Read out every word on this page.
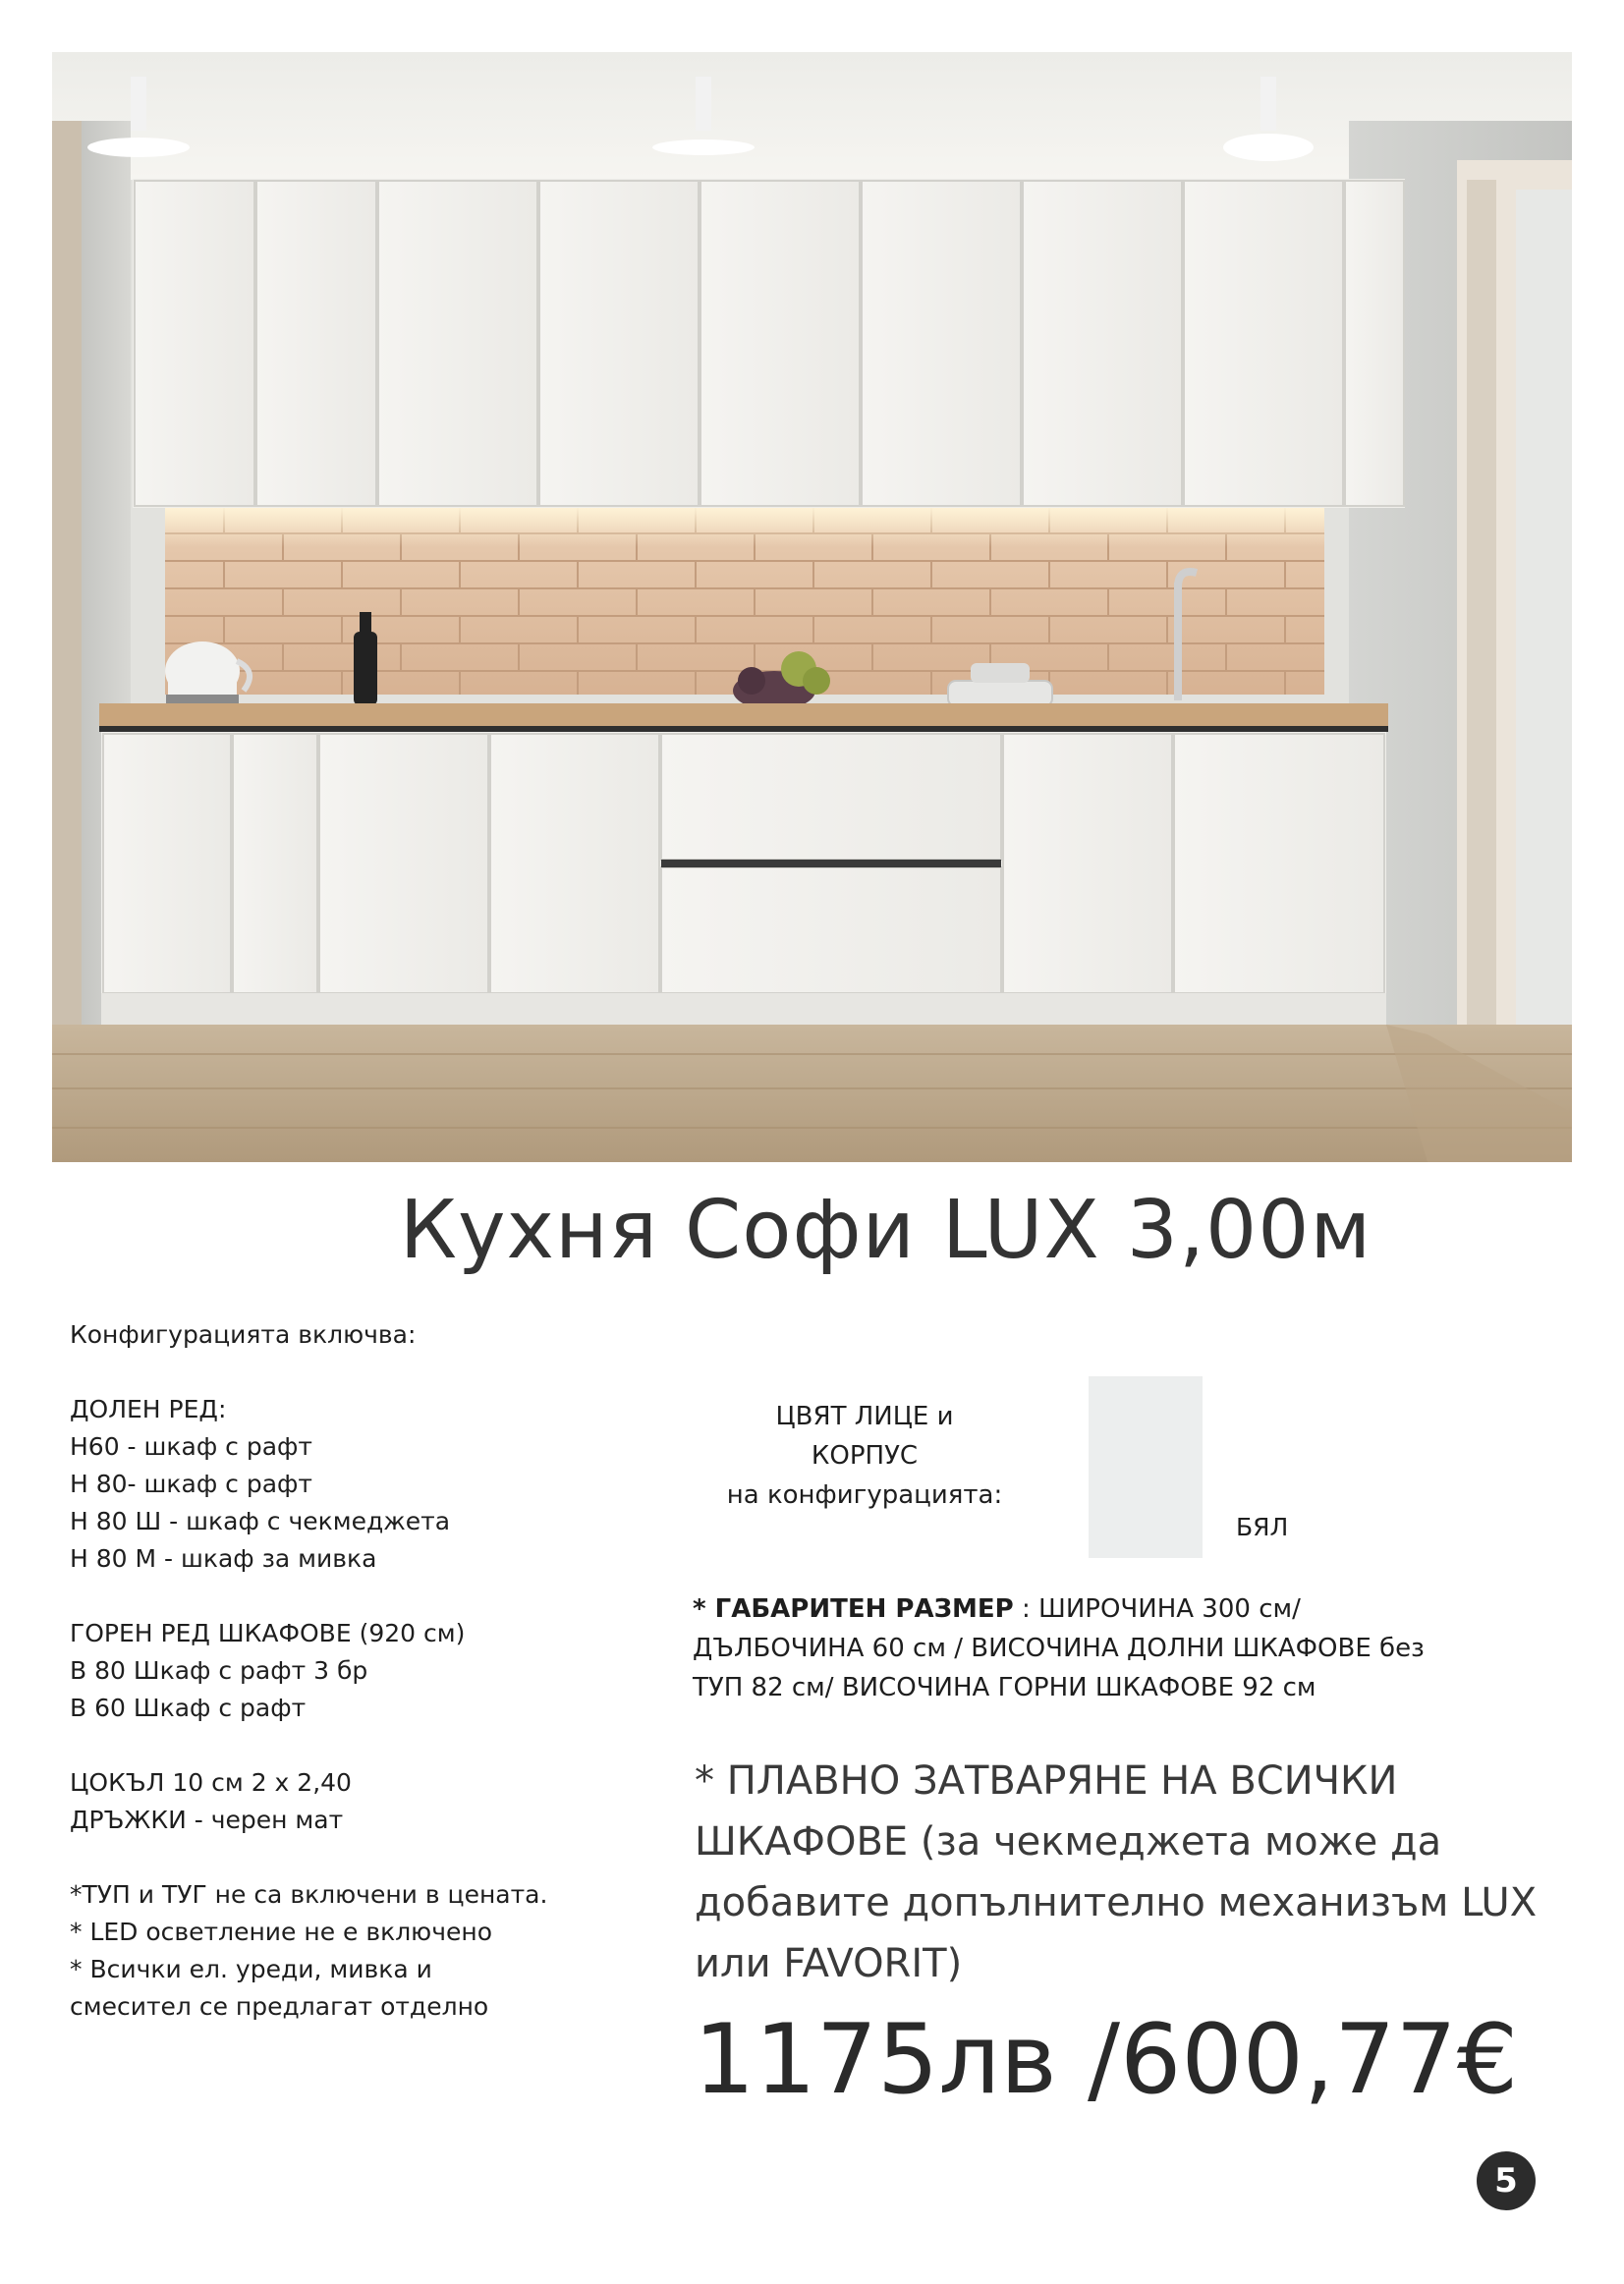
Кухня Софи LUX 3,00м
Конфигурацията включва:
ДОЛЕН РЕД:
Н60 - шкаф с рафт
Н 80- шкаф с рафт
Н 80 Ш - шкаф с чекмеджета
Н 80 М - шкаф за мивка
ГОРЕН РЕД ШКАФОВЕ (920 см)
В 80 Шкаф с рафт 3 бр
В 60 Шкаф с рафт
ЦОКЪЛ 10 см 2 x 2,40
ДРЪЖКИ - черен мат
*ТУП и ТУГ не са включени в цената.
* LED осветление не е включено
* Всички ел. уреди, мивка и
смесител се предлагат отделно
ЦВЯТ ЛИЦЕ и
КОРПУС
на конфигурацията:
БЯЛ
* ГАБАРИТЕН РАЗМЕР : ШИРОЧИНА 300 см/
ДЪЛБОЧИНА 60 см / ВИСОЧИНА ДОЛНИ ШКАФОВЕ без
ТУП 82 см/ ВИСОЧИНА ГОРНИ ШКАФОВЕ 92 см
* ПЛАВНО ЗАТВАРЯНЕ НА ВСИЧКИ
ШКАФОВЕ (за чекмеджета може да
добавите допълнително механизъм LUX
или FAVORIT)
1175лв /600,77€
5
